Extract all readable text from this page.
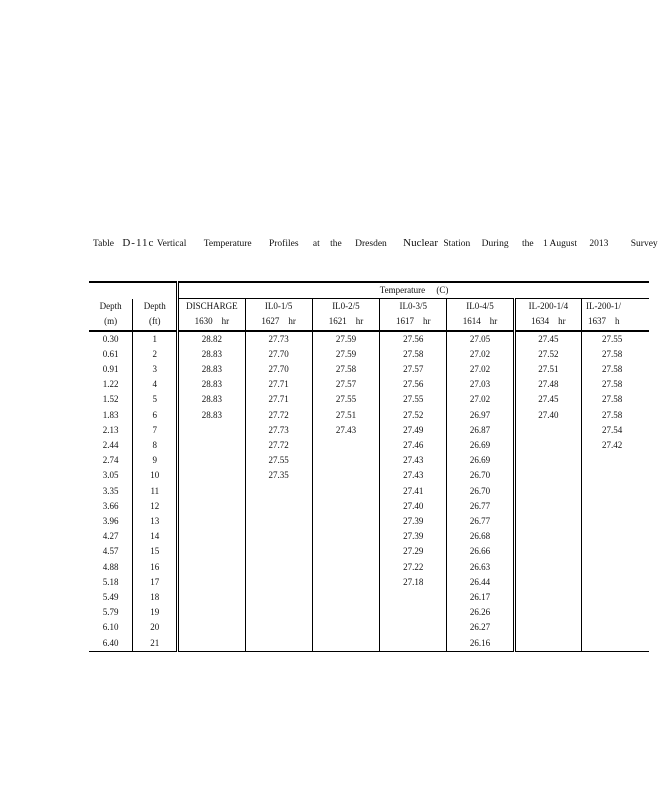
Table D-11c Vertical Temperature Profiles at the Dresden Nuclear Station During the 1 August 2013 Survey
		Temperature     (C)						
Depth	Depth	DISCHARGE	IL0-1/5	IL0-2/5	IL0-3/5	IL0-4/5	IL-200-1/4	IL-200-1/
(m)	(ft)	1630    hr	1627    hr	1621    hr	1617    hr	1614    hr	1634    hr	1637    h
0.30	1	28.82	27.73	27.59	27.56	27.05	27.45	27.55
0.61	2	28.83	27.70	27.59	27.58	27.02	27.52	27.58
0.91	3	28.83	27.70	27.58	27.57	27.02	27.51	27.58
1.22	4	28.83	27.71	27.57	27.56	27.03	27.48	27.58
1.52	5	28.83	27.71	27.55	27.55	27.02	27.45	27.58
1.83	6	28.83	27.72	27.51	27.52	26.97	27.40	27.58
2.13	7		27.73	27.43	27.49	26.87		27.54
2.44	8		27.72		27.46	26.69		27.42
2.74	9		27.55		27.43	26.69		
3.05	10		27.35		27.43	26.70		
3.35	11				27.41	26.70		
3.66	12				27.40	26.77		
3.96	13				27.39	26.77		
4.27	14				27.39	26.68		
4.57	15				27.29	26.66		
4.88	16				27.22	26.63		
5.18	17				27.18	26.44		
5.49	18					26.17		
5.79	19					26.26		
6.10	20					26.27		
6.40	21					26.16		
